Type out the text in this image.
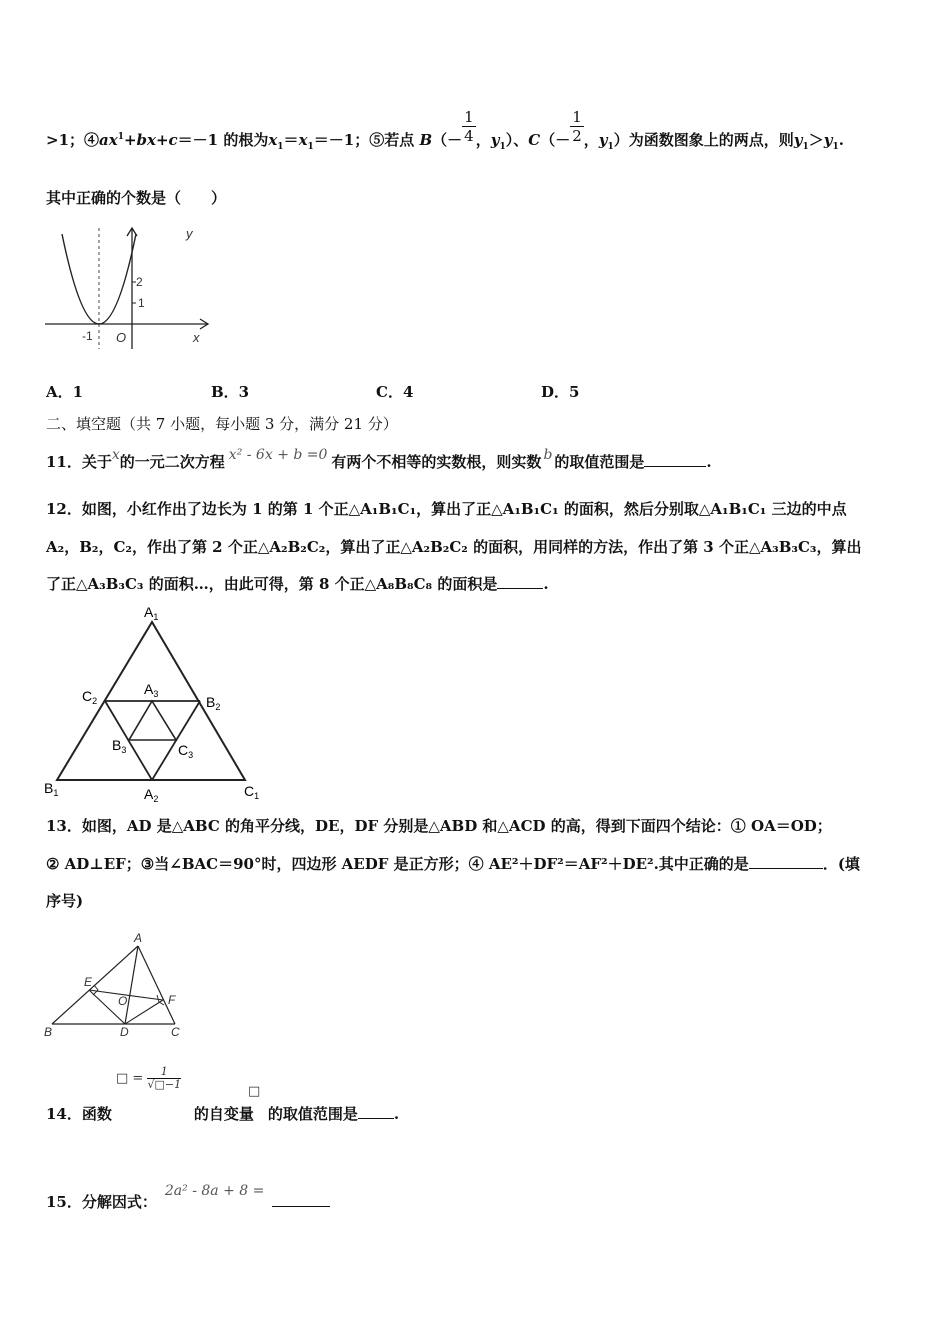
>1；$④ax^1+bx+c=-1$ 的根为$x_1=x_1=-1$；⑤若点 $B(- \frac{1}{4}$ ，$y_1$）、$C(- \frac{1}{2}$ ，$y_1$）为函数图象上的两点，则$y_1>y_1$.
其中正确的个数是（　　）
y
2
1
-1 O	x
A．1	B．3	C．4	D．5
二、填空题（共 7 小题，每小题 3 分，满分 21 分）
11．关于x的一元二次方程 x² - 6x + b =0 有两个不相等的实数根，则实数 b 的取值范围是	.
12．如图，小红作出了边长为 1 的第 1 个正△A₁B₁C₁，算出了正△A₁B₁C₁ 的面积，然后分别取△A₁B₁C₁ 三边的中点
A₂，B₂，C₂，作出了第 2 个正△A₂B₂C₂，算出了正△A₂B₂C₂ 的面积，用同样的方法，作出了第 3 个正△A₃B₃C₃，算出
了正△A₃B₃C₃ 的面积…，由此可得，第 8 个正△A₈B₈C₈ 的面积是	.
$A_1$
$C_2$
$A_3$	$B_2$
$B_3$	$C_3$
$B_1$	$A_2$	$C_1$
13．如图，AD 是△ABC 的角平分线，DE，DF 分别是△ABD 和△ACD 的高，得到下面四个结论：① OA＝OD；
② AD⊥EF；③当∠BAC＝90°时，四边形 AEDF 是正方形；④ AE²＋DF²＝AF²＋DE².其中正确的是	．(填
序号)
A
B	C
D
E
F
O
□ = $\frac{1}{√□-1}$
□
14．函数	的自变量 的取值范围是 .
15．分解因式：2a² - 8a + 8 =
